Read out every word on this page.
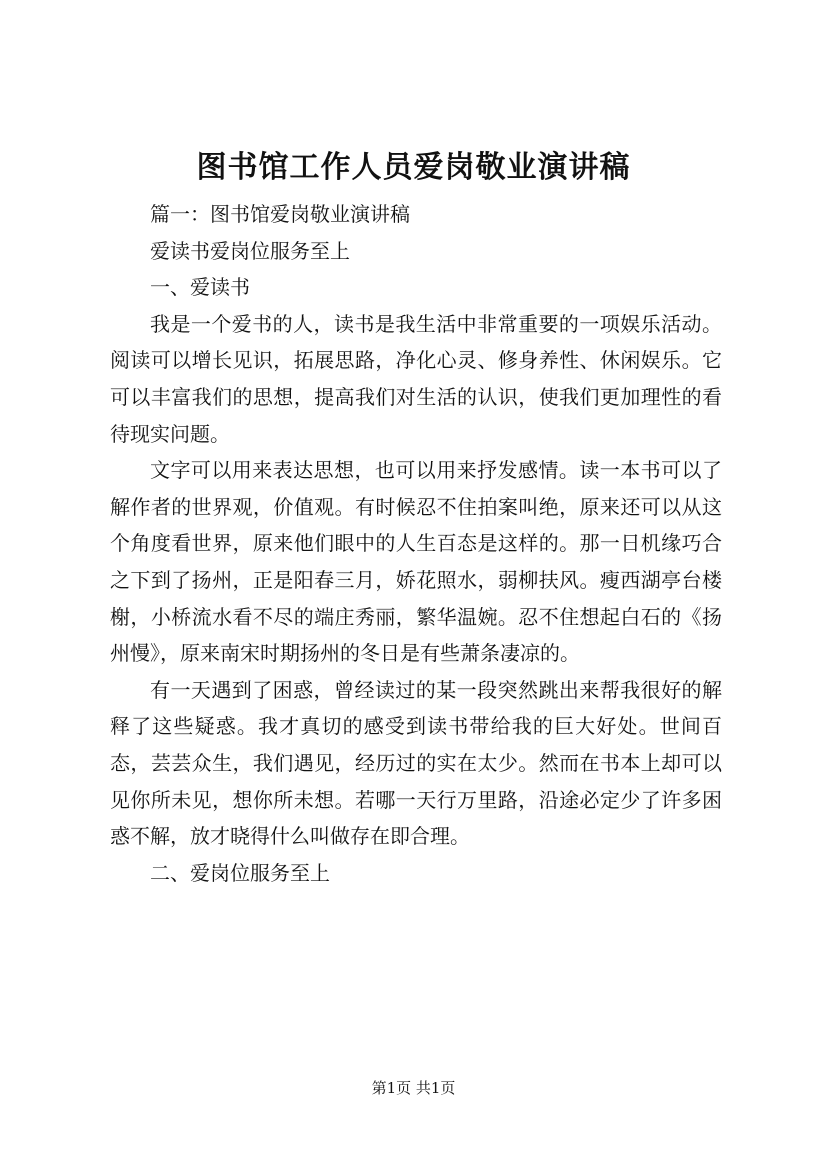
图书馆工作人员爱岗敬业演讲稿

篇一：图书馆爱岗敬业演讲稿

爱读书爱岗位服务至上

一、爱读书

我是一个爱书的人，读书是我生活中非常重要的一项娱乐活动。阅读可以增长见识，拓展思路，净化心灵、修身养性、休闲娱乐。它可以丰富我们的思想，提高我们对生活的认识，使我们更加理性的看待现实问题。

文字可以用来表达思想，也可以用来抒发感情。读一本书可以了解作者的世界观，价值观。有时候忍不住拍案叫绝，原来还可以从这个角度看世界，原来他们眼中的人生百态是这样的。那一日机缘巧合之下到了扬州，正是阳春三月，娇花照水，弱柳扶风。瘦西湖亭台楼榭，小桥流水看不尽的端庄秀丽，繁华温婉。忍不住想起白石的《扬州慢》，原来南宋时期扬州的冬日是有些萧条凄凉的。

有一天遇到了困惑，曾经读过的某一段突然跳出来帮我很好的解释了这些疑惑。我才真切的感受到读书带给我的巨大好处。世间百态，芸芸众生，我们遇见，经历过的实在太少。然而在书本上却可以见你所未见，想你所未想。若哪一天行万里路，沿途必定少了许多困惑不解，放才晓得什么叫做存在即合理。

二、爱岗位服务至上

第1页 共1页
